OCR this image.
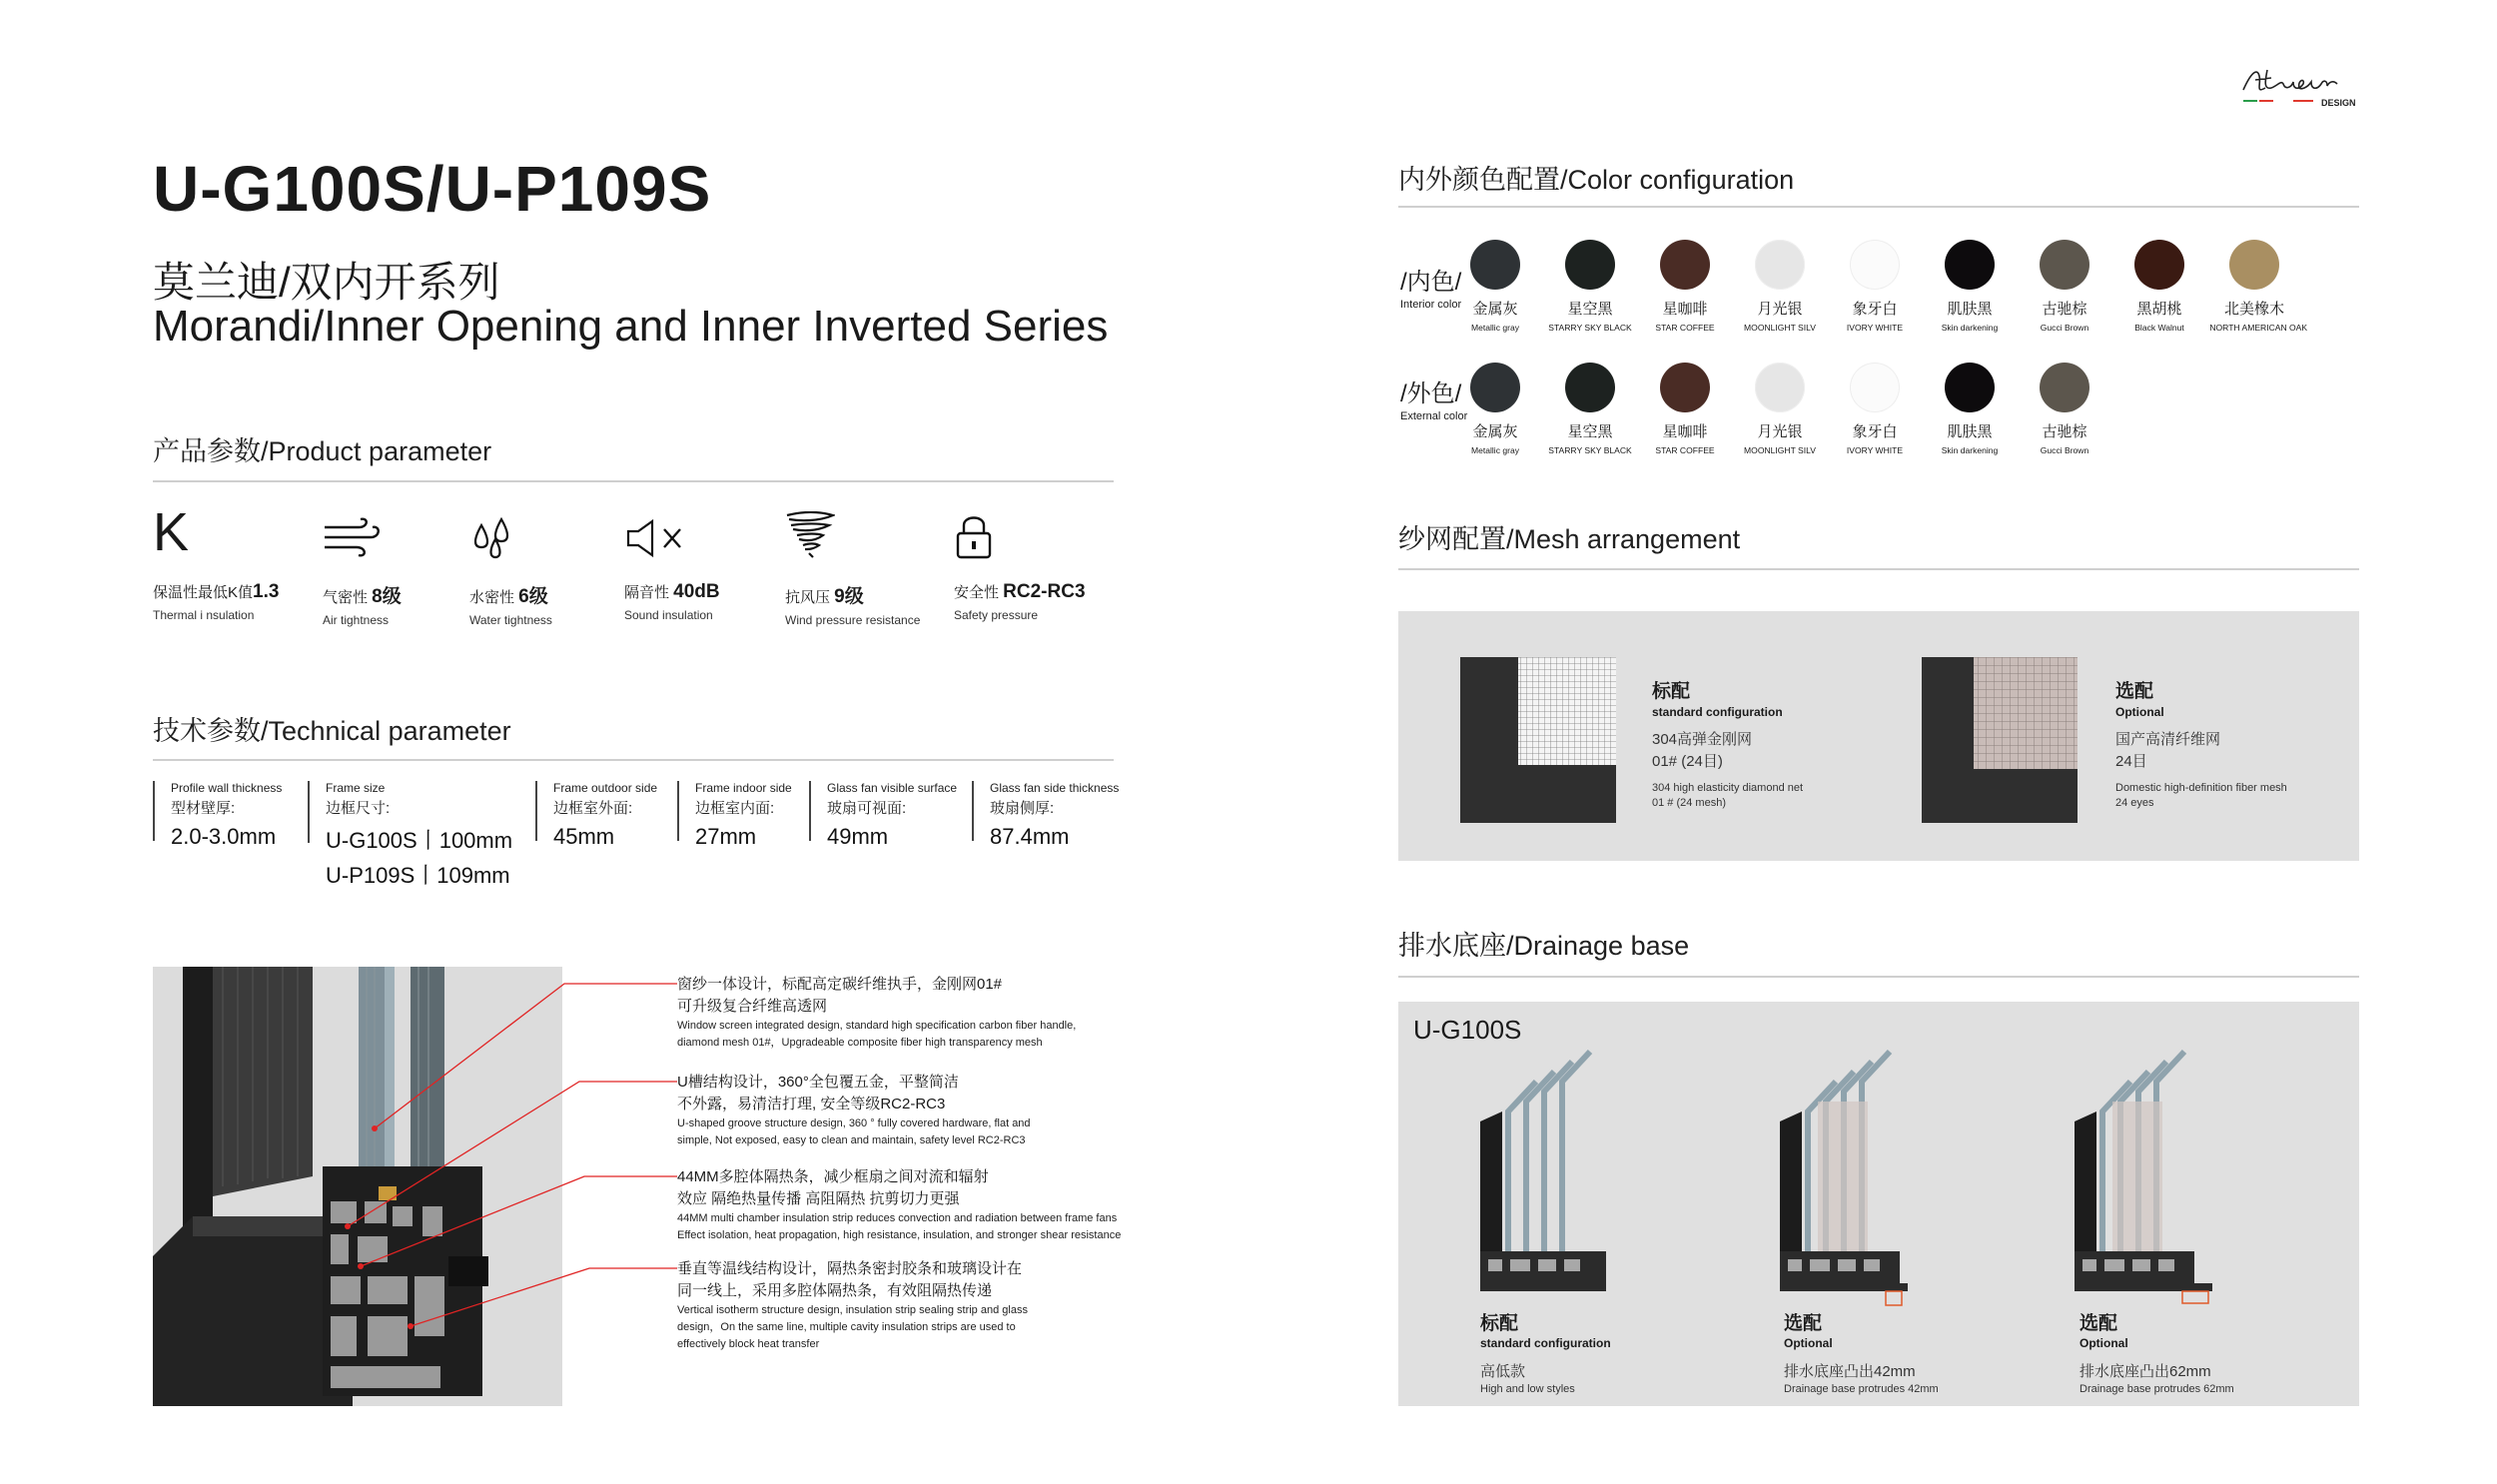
DESIGN
U-G100S/U-P109S
莫兰迪/双内开系列
Morandi/Inner Opening and Inner Inverted Series
产品参数/Product parameter
K
保温性最低K值1.3
Thermal i nsulation
气密性 8级
Air tightness
水密性 6级
Water tightness
隔音性 40dB
Sound insulation
抗风压 9级
Wind pressure resistance
安全性 RC2-RC3
Safety pressure
技术参数/Technical parameter
Profile wall thickness
型材壁厚:
2.0-3.0mm
Frame size
边框尺寸:
U-G100S丨100mm
U-P109S丨109mm
Frame outdoor side
边框室外面:
45mm
Frame indoor side
边框室内面:
27mm
Glass fan visible surface
玻扇可视面:
49mm
Glass fan side thickness
玻扇侧厚:
87.4mm
窗纱一体设计，标配高定碳纤维执手，金刚网01#
可升级复合纤维高透网
Window screen integrated design, standard high specification carbon fiber handle,
diamond mesh 01#，Upgradeable composite fiber high transparency mesh
U槽结构设计，360°全包覆五金，平整简洁
不外露，易清洁打理, 安全等级RC2-RC3
U-shaped groove structure design, 360 ° fully covered hardware, flat and
simple, Not exposed, easy to clean and maintain, safety level RC2-RC3
44MM多腔体隔热条，减少框扇之间对流和辐射
效应 隔绝热量传播 高阻隔热 抗剪切力更强
44MM multi chamber insulation strip reduces convection and radiation between frame fans
Effect isolation, heat propagation, high resistance, insulation, and stronger shear resistance
垂直等温线结构设计，隔热条密封胶条和玻璃设计在
同一线上，采用多腔体隔热条，有效阻隔热传递
Vertical isotherm structure design, insulation strip sealing strip and glass
design，On the same line, multiple cavity insulation strips are used to
effectively block heat transfer
内外颜色配置/Color configuration
/内色/
Interior color
/外色/
External color
金属灰
Metallic gray
星空黑
STARRY SKY BLACK
星咖啡
STAR COFFEE
月光银
MOONLIGHT SILV
象牙白
IVORY WHITE
肌肤黑
Skin darkening
古驰棕
Gucci Brown
黑胡桃
Black Walnut
北美橡木
NORTH AMERICAN OAK
金属灰
Metallic gray
星空黑
STARRY SKY BLACK
星咖啡
STAR COFFEE
月光银
MOONLIGHT SILV
象牙白
IVORY WHITE
肌肤黑
Skin darkening
古驰棕
Gucci Brown
纱网配置/Mesh arrangement
标配
standard configuration
304高弹金刚网
01# (24目)
304 high elasticity diamond net
01 # (24 mesh)
选配
Optional
国产高清纤维网
24目
Domestic high-definition fiber mesh
24 eyes
排水底座/Drainage base
U-G100S
标配
standard configuration
高低款
High and low styles
选配
Optional
排水底座凸出42mm
Drainage base protrudes 42mm
选配
Optional
排水底座凸出62mm
Drainage base protrudes 62mm
